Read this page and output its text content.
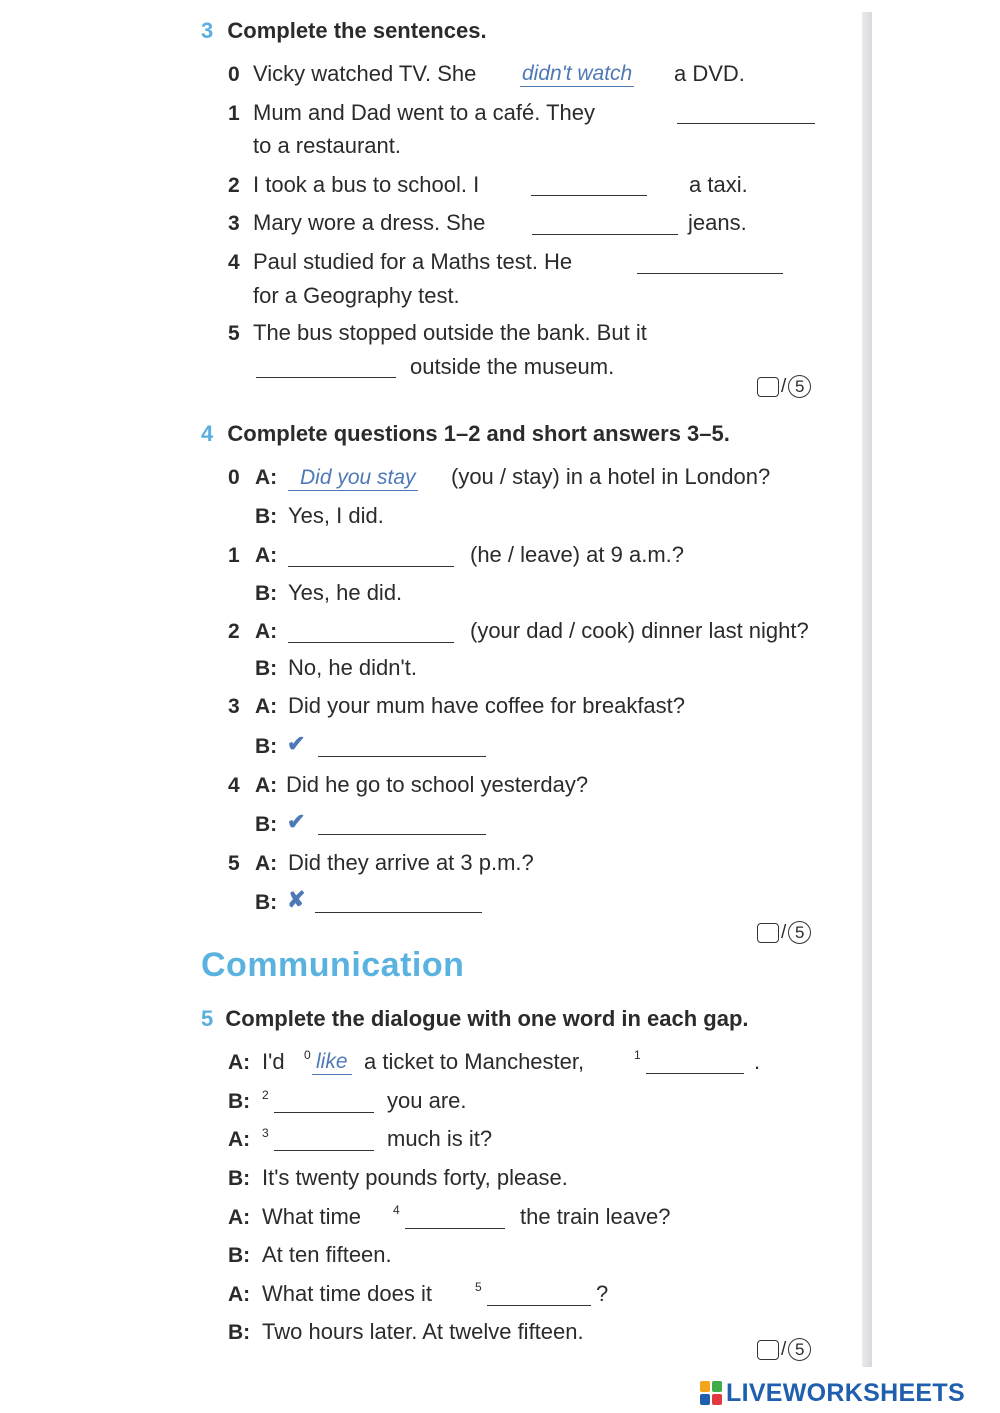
3 Complete the sentences.
0 Vicky watched TV. She didn't watch a DVD.
1 Mum and Dad went to a café. They
to a restaurant.
2 I took a bus to school. I	a taxi.
3 Mary wore a dress. She	jeans.
4 Paul studied for a Maths test. He
for a Geography test.
5 The bus stopped outside the bank. But it
outside the museum.
/ 5
4 Complete questions 1–2 and short answers 3–5.
0 A:	Did you stay (you / stay) in a hotel in London?
B: Yes, I did.
1 A:	(he / leave) at 9 a.m.?
B: Yes, he did.
2 A:	(your dad / cook) dinner last night?
B: No, he didn't.
3 A: Did your mum have coffee for breakfast?
B: ✔
4 A: Did he go to school yesterday?
B: ✔
5 A: Did they arrive at 3 p.m.?
B: ✘
/ 5
Communication
5 Complete the dialogue with one word in each gap.
A: I'd 0 like a ticket to Manchester,	1	.
B: 2	you are.
A: 3	much is it?
B: It's twenty pounds forty, please.
A: What time	4	the train leave?
B: At ten fifteen.
A: What time does it	5	?
B: Two hours later. At twelve fifteen.
/ 5
LIVEWORKSHEETS
